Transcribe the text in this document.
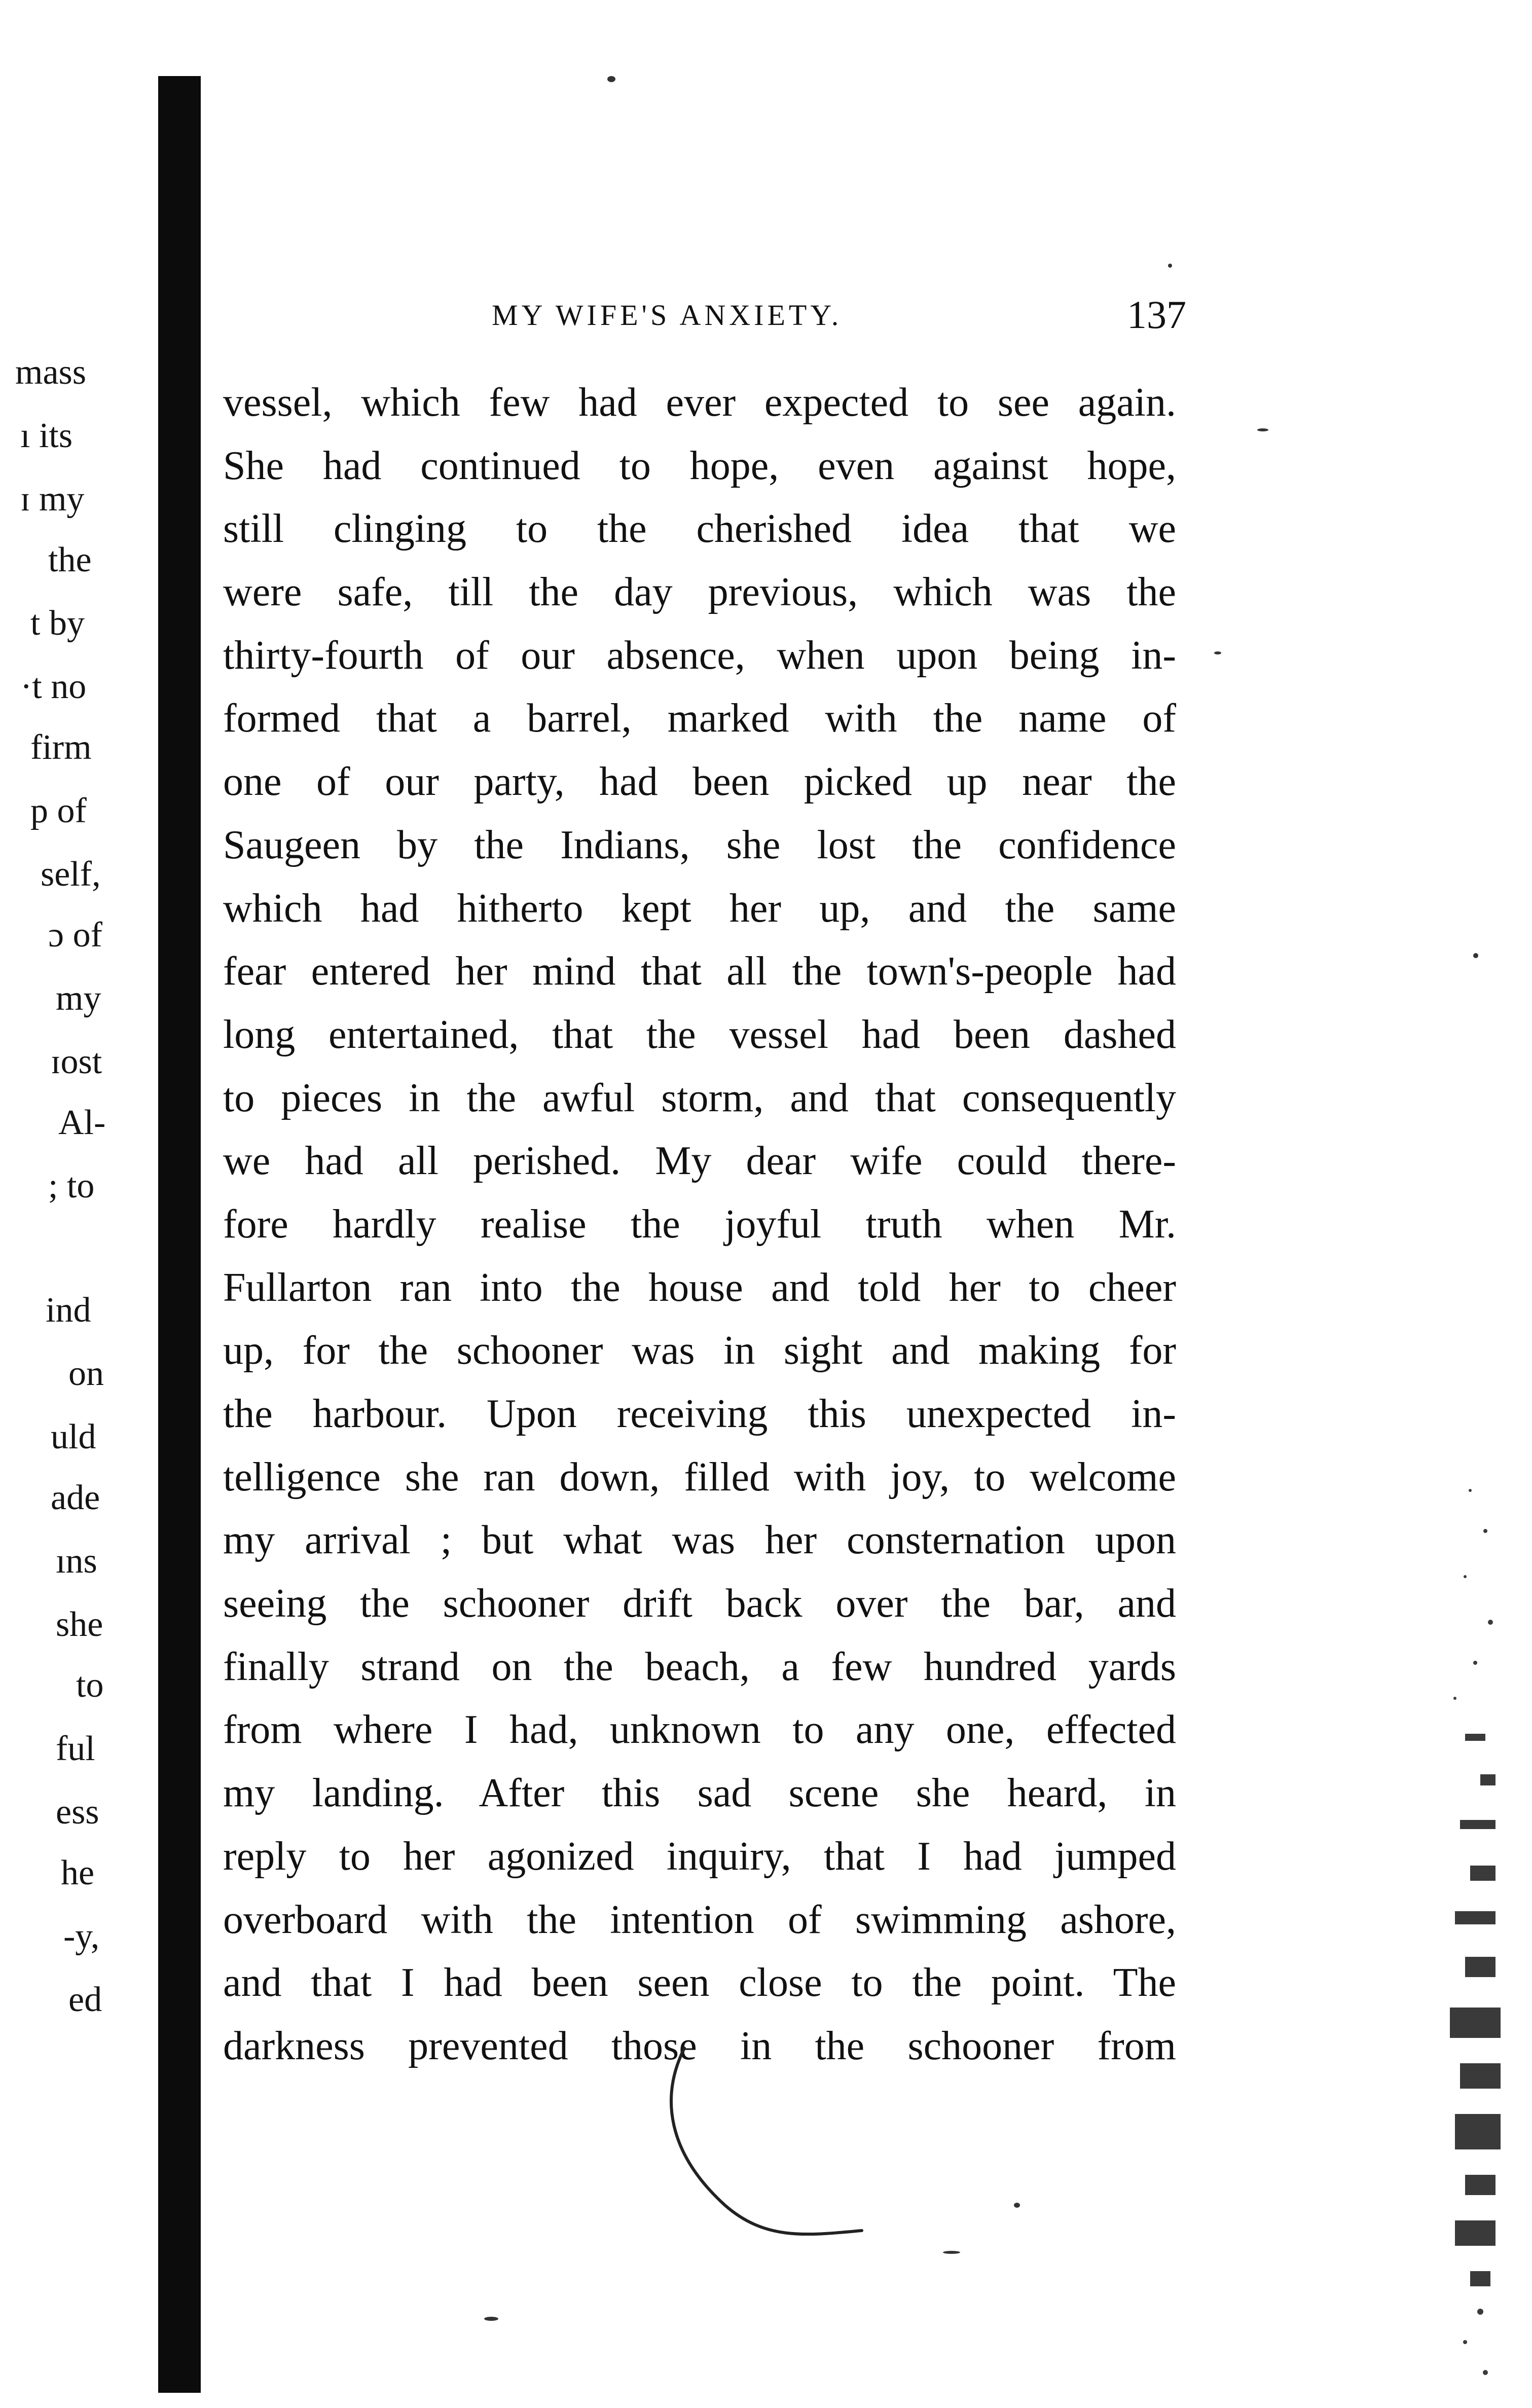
mass
ı its
ɪ my
the
t by
·t no
firm
p of
self,
ɔ of
my
ɪost
Al-
; to
ind
on
uld
ade
ıns
she
to
ful
ess
he
-y,
ed
MY WIFE'S ANXIETY.	137
vessel, which few had ever expected to see again.
She had continued to hope, even against hope,
still clinging to the cherished idea that we
were safe, till the day previous, which was the
thirty-fourth of our absence, when upon being in-
formed that a barrel, marked with the name of
one of our party, had been picked up near the
Saugeen by the Indians, she lost the confidence
which had hitherto kept her up, and the same
fear entered her mind that all the town's-people had
long entertained, that the vessel had been dashed
to pieces in the awful storm, and that consequently
we had all perished. My dear wife could there-
fore hardly realise the joyful truth when Mr.
Fullarton ran into the house and told her to cheer
up, for the schooner was in sight and making for
the harbour. Upon receiving this unexpected in-
telligence she ran down, filled with joy, to welcome
my arrival ; but what was her consternation upon
seeing the schooner drift back over the bar, and
finally strand on the beach, a few hundred yards
from where I had, unknown to any one, effected
my landing. After this sad scene she heard, in
reply to her agonized inquiry, that I had jumped
overboard with the intention of swimming ashore,
and that I had been seen close to the point. The
darkness prevented those in the schooner from
